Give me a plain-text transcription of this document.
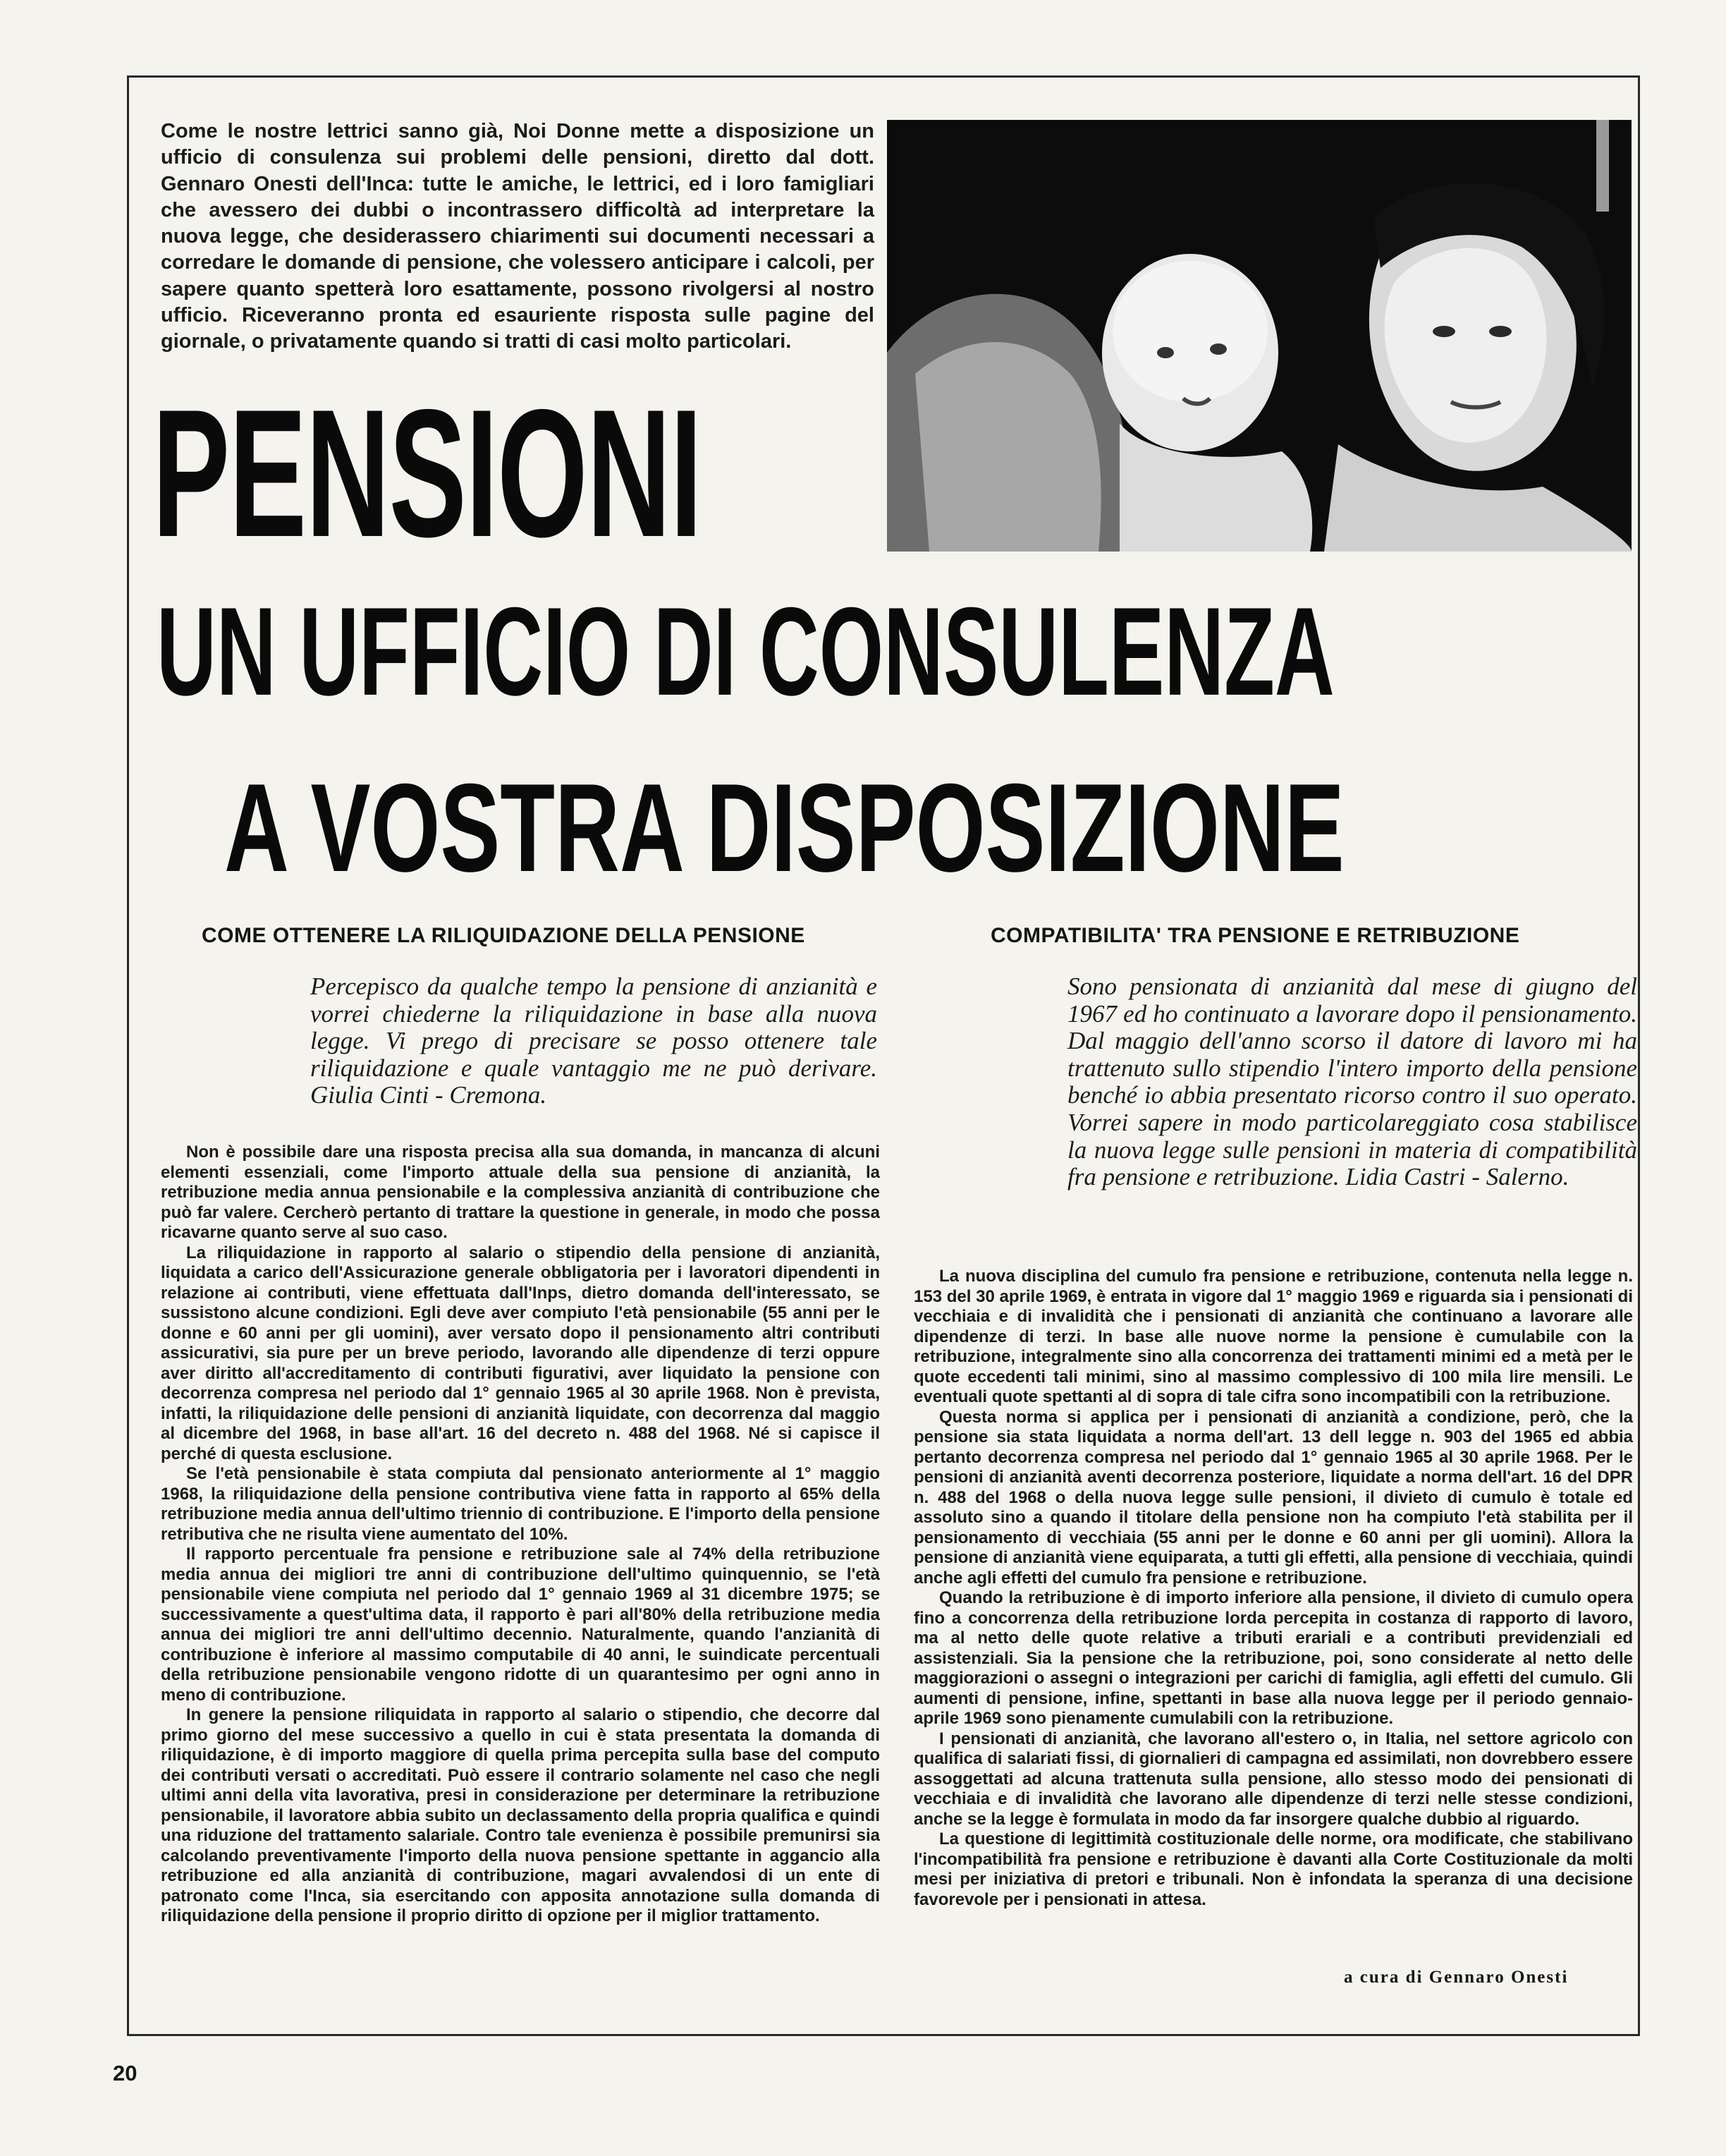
Come le nostre lettrici sanno già, Noi Donne mette a disposizione un ufficio di consulenza sui problemi delle pensioni, diretto dal dott. Gennaro Onesti dell'Inca: tutte le amiche, le lettrici, ed i loro famigliari che avessero dei dubbi o incontrassero difficoltà ad interpretare la nuova legge, che desiderassero chiarimenti sui documenti necessari a corredare le domande di pensione, che volessero anticipare i calcoli, per sapere quanto spetterà loro esattamente, possono rivolgersi al nostro ufficio. Riceveranno pronta ed esauriente risposta sulle pagine del giornale, o privatamente quando si tratti di casi molto particolari.

PENSIONI
UN UFFICIO DI CONSULENZA
A VOSTRA DISPOSIZIONE
COME OTTENERE LA RILIQUIDAZIONE DELLA PENSIONE	COMPATIBILITA' TRA PENSIONE E RETRIBUZIONE

Percepisco da qualche tempo la pensione di anzianità e vorrei chiederne la riliquidazione in base alla nuova legge. Vi prego di precisare se posso ottenere tale riliquidazione e quale vantaggio me ne può derivare. Giulia Cinti - Cremona.

Sono pensionata di anzianità dal mese di giugno del 1967 ed ho continuato a lavorare dopo il pensionamento. Dal maggio dell'anno scorso il datore di lavoro mi ha trattenuto sullo stipendio l'intero importo della pensione benché io abbia presentato ricorso contro il suo operato. Vorrei sapere in modo particolareggiato cosa stabilisce la nuova legge sulle pensioni in materia di compatibilità fra pensione e retribuzione. Lidia Castri - Salerno.

Non è possibile dare una risposta precisa alla sua domanda, in mancanza di alcuni elementi essenziali, come l'importo attuale della sua pensione di anzianità, la retribuzione media annua pensionabile e la complessiva anzianità di contribuzione che può far valere. Cercherò pertanto di trattare la questione in generale, in modo che possa ricavarne quanto serve al suo caso.

La riliquidazione in rapporto al salario o stipendio della pensione di anzianità, liquidata a carico dell'Assicurazione generale obbligatoria per i lavoratori dipendenti in relazione ai contributi, viene effettuata dall'Inps, dietro domanda dell'interessato, se sussistono alcune condizioni. Egli deve aver compiuto l'età pensionabile (55 anni per le donne e 60 anni per gli uomini), aver versato dopo il pensionamento altri contributi assicurativi, sia pure per un breve periodo, lavorando alle dipendenze di terzi oppure aver diritto all'accreditamento di contributi figurativi, aver liquidato la pensione con decorrenza compresa nel periodo dal 1° gennaio 1965 al 30 aprile 1968. Non è prevista, infatti, la riliquidazione delle pensioni di anzianità liquidate, con decorrenza dal maggio al dicembre del 1968, in base all'art. 16 del decreto n. 488 del 1968. Né si capisce il perché di questa esclusione.

Se l'età pensionabile è stata compiuta dal pensionato anteriormente al 1° maggio 1968, la riliquidazione della pensione contributiva viene fatta in rapporto al 65% della retribuzione media annua dell'ultimo triennio di contribuzione. E l'importo della pensione retributiva che ne risulta viene aumentato del 10%.

Il rapporto percentuale fra pensione e retribuzione sale al 74% della retribuzione media annua dei migliori tre anni di contribuzione dell'ultimo quinquennio, se l'età pensionabile viene compiuta nel periodo dal 1° gennaio 1969 al 31 dicembre 1975; se successivamente a quest'ultima data, il rapporto è pari all'80% della retribuzione media annua dei migliori tre anni dell'ultimo decennio. Naturalmente, quando l'anzianità di contribuzione è inferiore al massimo computabile di 40 anni, le suindicate percentuali della retribuzione pensionabile vengono ridotte di un quarantesimo per ogni anno in meno di contribuzione.

In genere la pensione riliquidata in rapporto al salario o stipendio, che decorre dal primo giorno del mese successivo a quello in cui è stata presentata la domanda di riliquidazione, è di importo maggiore di quella prima percepita sulla base del computo dei contributi versati o accreditati. Può essere il contrario solamente nel caso che negli ultimi anni della vita lavorativa, presi in considerazione per determinare la retribuzione pensionabile, il lavoratore abbia subito un declassamento della propria qualifica e quindi una riduzione del trattamento salariale. Contro tale evenienza è possibile premunirsi sia calcolando preventivamente l'importo della nuova pensione spettante in aggancio alla retribuzione ed alla anzianità di contribuzione, magari avvalendosi di un ente di patronato come l'Inca, sia esercitando con apposita annotazione sulla domanda di riliquidazione della pensione il proprio diritto di opzione per il miglior trattamento.

La nuova disciplina del cumulo fra pensione e retribuzione, contenuta nella legge n. 153 del 30 aprile 1969, è entrata in vigore dal 1° maggio 1969 e riguarda sia i pensionati di vecchiaia e di invalidità che i pensionati di anzianità che continuano a lavorare alle dipendenze di terzi. In base alle nuove norme la pensione è cumulabile con la retribuzione, integralmente sino alla concorrenza dei trattamenti minimi ed a metà per le quote eccedenti tali minimi, sino al massimo complessivo di 100 mila lire mensili. Le eventuali quote spettanti al di sopra di tale cifra sono incompatibili con la retribuzione.

Questa norma si applica per i pensionati di anzianità a condizione, però, che la pensione sia stata liquidata a norma dell'art. 13 dell legge n. 903 del 1965 ed abbia pertanto decorrenza compresa nel periodo dal 1° gennaio 1965 al 30 aprile 1968. Per le pensioni di anzianità aventi decorrenza posteriore, liquidate a norma dell'art. 16 del DPR n. 488 del 1968 o della nuova legge sulle pensioni, il divieto di cumulo è totale ed assoluto sino a quando il titolare della pensione non ha compiuto l'età stabilita per il pensionamento di vecchiaia (55 anni per le donne e 60 anni per gli uomini). Allora la pensione di anzianità viene equiparata, a tutti gli effetti, alla pensione di vecchiaia, quindi anche agli effetti del cumulo fra pensione e retribuzione.

Quando la retribuzione è di importo inferiore alla pensione, il divieto di cumulo opera fino a concorrenza della retribuzione lorda percepita in costanza di rapporto di lavoro, ma al netto delle quote relative a tributi erariali e a contributi previdenziali ed assistenziali. Sia la pensione che la retribuzione, poi, sono considerate al netto delle maggiorazioni o assegni o integrazioni per carichi di famiglia, agli effetti del cumulo. Gli aumenti di pensione, infine, spettanti in base alla nuova legge per il periodo gennaio-aprile 1969 sono pienamente cumulabili con la retribuzione.

I pensionati di anzianità, che lavorano all'estero o, in Italia, nel settore agricolo con qualifica di salariati fissi, di giornalieri di campagna ed assimilati, non dovrebbero essere assoggettati ad alcuna trattenuta sulla pensione, allo stesso modo dei pensionati di vecchiaia e di invalidità che lavorano alle dipendenze di terzi nelle stesse condizioni, anche se la legge è formulata in modo da far insorgere qualche dubbio al riguardo.

La questione di legittimità costituzionale delle norme, ora modificate, che stabilivano l'incompatibilità fra pensione e retribuzione è davanti alla Corte Costituzionale da molti mesi per iniziativa di pretori e tribunali. Non è infondata la speranza di una decisione favorevole per i pensionati in attesa.

a cura di Gennaro Onesti

20
